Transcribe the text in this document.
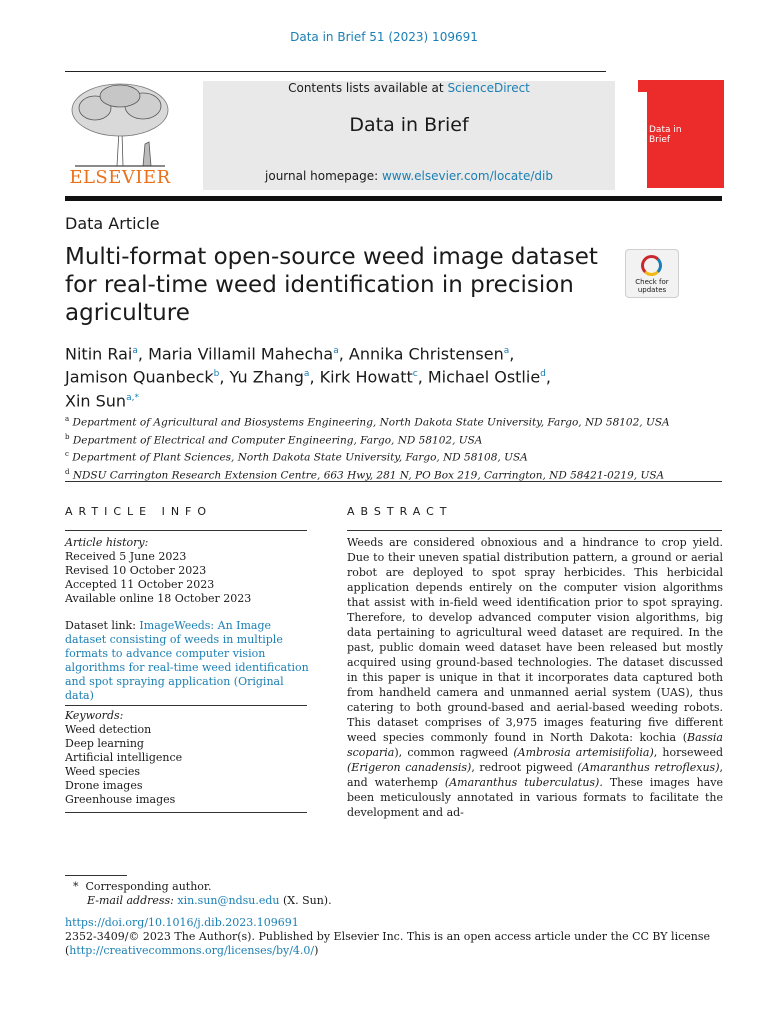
Data in Brief 51 (2023) 109691
ELSEVIER
Contents lists available at ScienceDirect
Data in Brief
journal homepage: www.elsevier.com/locate/dib
Data in Brief
Data Article
Multi-format open-source weed image dataset for real-time weed identification in precision agriculture
Check for updates
Nitin Rai$^a$, Maria Villamil Mahecha$^a$, Annika Christensen$^a$,
Jamison Quanbeck$^b$, Yu Zhang$^a$, Kirk Howatt$^c$, Michael Ostlie$^d$,
Xin Sun$^{a,*}$
$^a$ Department of Agricultural and Biosystems Engineering, North Dakota State University, Fargo, ND 58102, USA
$^b$ Department of Electrical and Computer Engineering, Fargo, ND 58102, USA
$^c$ Department of Plant Sciences, North Dakota State University, Fargo, ND 58108, USA
$^d$ NDSU Carrington Research Extension Centre, 663 Hwy, 281 N, PO Box 219, Carrington, ND 58421-0219, USA
ARTICLE INFO
Article history:
Received 5 June 2023
Revised 10 October 2023
Accepted 11 October 2023
Available online 18 October 2023
Dataset link: ImageWeeds: An Image dataset consisting of weeds in multiple formats to advance computer vision algorithms for real-time weed identification and spot spraying application (Original data)
Keywords:
Weed detection
Deep learning
Artificial intelligence
Weed species
Drone images
Greenhouse images
ABSTRACT
Weeds are considered obnoxious and a hindrance to crop yield. Due to their uneven spatial distribution pattern, a ground or aerial robot are deployed to spot spray herbicides. This herbicidal application depends entirely on the computer vision algorithms that assist with in-field weed identification prior to spot spraying. Therefore, to develop advanced computer vision algorithms, big data pertaining to agricultural weed dataset are required. In the past, public domain weed dataset have been released but mostly acquired using ground-based technologies. The dataset discussed in this paper is unique in that it incorporates data captured both from handheld camera and unmanned aerial system (UAS), thus catering to both ground-based and aerial-based weeding robots. This dataset comprises of 3,975 images featuring five different weed species commonly found in North Dakota: kochia (Bassia scoparia), common ragweed (Ambrosia artemisiifolia), horseweed (Erigeron canadensis), redroot pigweed (Amaranthus retroflexus), and waterhemp (Amaranthus tuberculatus). These images have been meticulously annotated in various formats to facilitate the development and ad-
*  Corresponding author.
E-mail address: xin.sun@ndsu.edu (X. Sun).
https://doi.org/10.1016/j.dib.2023.109691
2352-3409/© 2023 The Author(s). Published by Elsevier Inc. This is an open access article under the CC BY license
(http://creativecommons.org/licenses/by/4.0/)
